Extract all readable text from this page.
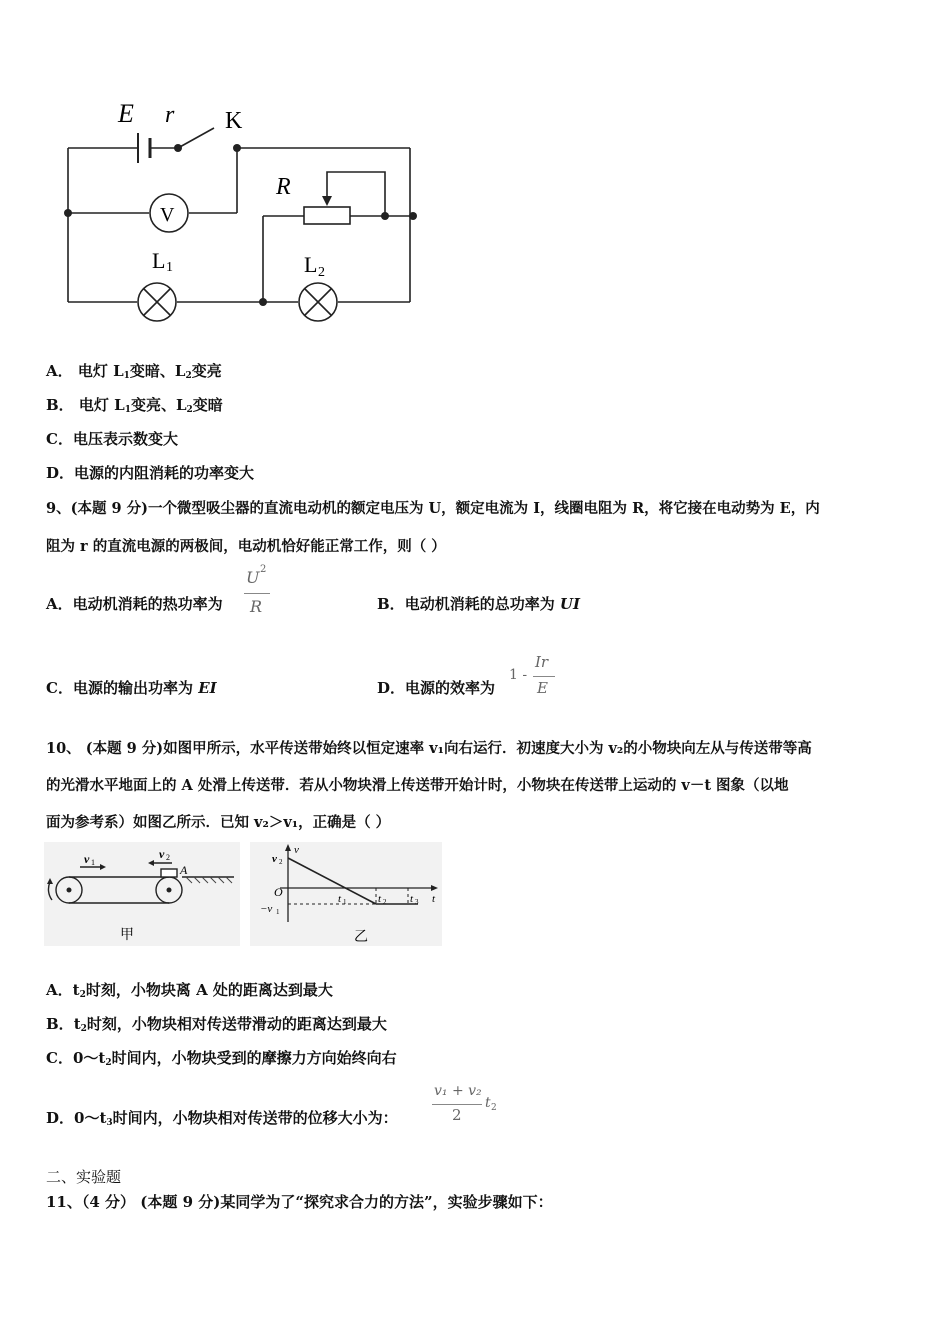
E r K
R
V
L 1	L 2
A． 电灯 $L_1$变暗、$L_2$变亮
B． 电灯 $L_1$变亮、$L_2$变暗
C．电压表示数变大
D．电源的内阻消耗的功率变大
9、(本题 9 分)一个微型吸尘器的直流电动机的额定电压为 U，额定电流为 I，线圈电阻为 R，将它接在电动势为 E，内
阻为 r 的直流电源的两极间，电动机恰好能正常工作，则（ ）
A．电动机消耗的热功率为
U 2
R	B．电动机消耗的总功率为 UI
C．电源的输出功率为 EI	D．电源的效率为
1 -
Ir
E
10、 (本题 9 分)如图甲所示，水平传送带始终以恒定速率 v₁向右运行．初速度大小为 v₂的小物块向左从与传送带等高
的光滑水平地面上的 A 处滑上传送带．若从小物块滑上传送带开始计时，小物块在传送带上运动的 v－t 图象（以地
面为参考系）如图乙所示．已知 v₂＞v₁，正确是（ ）
v 1
v 2
A
甲
v
t
v 2
O
−v 1
t 1	t 2 t 3
乙
A．$t_2$时刻，小物块离 A 处的距离达到最大
B．$t_2$时刻，小物块相对传送带滑动的距离达到最大
C．$0\sim t_2$时间内，小物块受到的摩擦力方向始终向右
D．$0\sim t_3$时间内，小物块相对传送带的位移大小为：
v₁ + v₂
2
t 2
二、实验题
11、（4 分） (本题 9 分)某同学为了“探究求合力的方法”，实验步骤如下：
